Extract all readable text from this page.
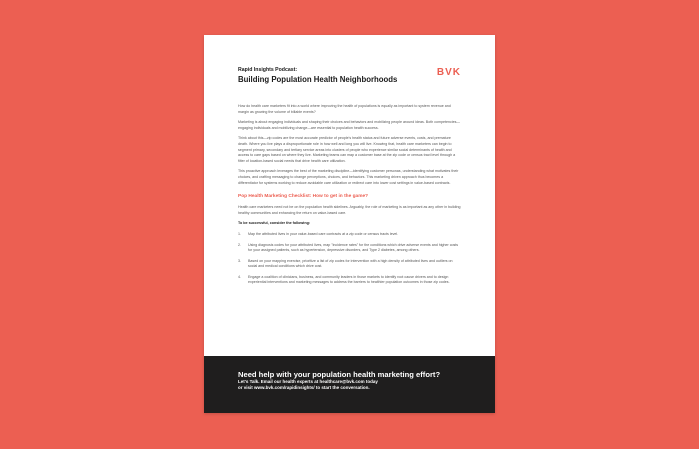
BVK
Rapid Insights Podcast:
Building Population Health Neighborhoods

How do health care marketers fit into a world where improving the health of populations is equally as important to system revenue and margin as growing the volume of billable events?

Marketing is about engaging individuals and shaping their choices and behaviors and mobilizing people around ideas. Both competencies—engaging individuals and mobilizing change—are essential to population health success.

Think about this—zip codes are the most accurate predictor of people's health status and future adverse events, costs, and premature death. Where you live plays a disproportionate role in how well and long you will live. Knowing that, health care marketers can begin to segment primary, secondary and tertiary service areas into clusters of people who experience similar social determinants of health and access to care gaps based on where they live. Marketing teams can map a customer base at the zip code or census tract level through a filter of location-based social needs that drive health care utilization.

This proactive approach leverages the best of the marketing discipline—identifying customer personas, understanding what motivates their choices, and crafting messaging to change perceptions, choices, and behaviors. This marketing driven approach thus becomes a differentiator for systems working to reduce avoidable care utilization or redirect care into lower cost settings in value-based contracts.

Pop Health Marketing Checklist: How to get in the game?

Health care marketers need not be on the population health sidelines. Arguably, the role of marketing is as important as any other in building healthy communities and enhancing the return on value-based care.

To be successful, consider the following:

1.	Map the attributed lives in your value-based care contracts at a zip code or census tracts level.
2.	Using diagnosis codes for your attributed lives, map "incidence rates" for the conditions which drive adverse events and higher costs for your assigned patients, such as hypertension, depressive disorders, and Type 2 diabetes, among others.
3.	Based on your mapping exercise, prioritize a list of zip codes for intervention with a high density of attributed lives and outliers on social and medical conditions which drive cost.
4.	Engage a coalition of clinicians, business, and community leaders in those markets to identify root cause drivers and to design experiential interventions and marketing messages to address the barriers to healthier population outcomes in those zip codes.
Need help with your population health marketing effort?
Let's Talk. Email our health experts at healthcare@bvk.com today
or visit www.bvk.com/rapidinsights/ to start the conversation.
